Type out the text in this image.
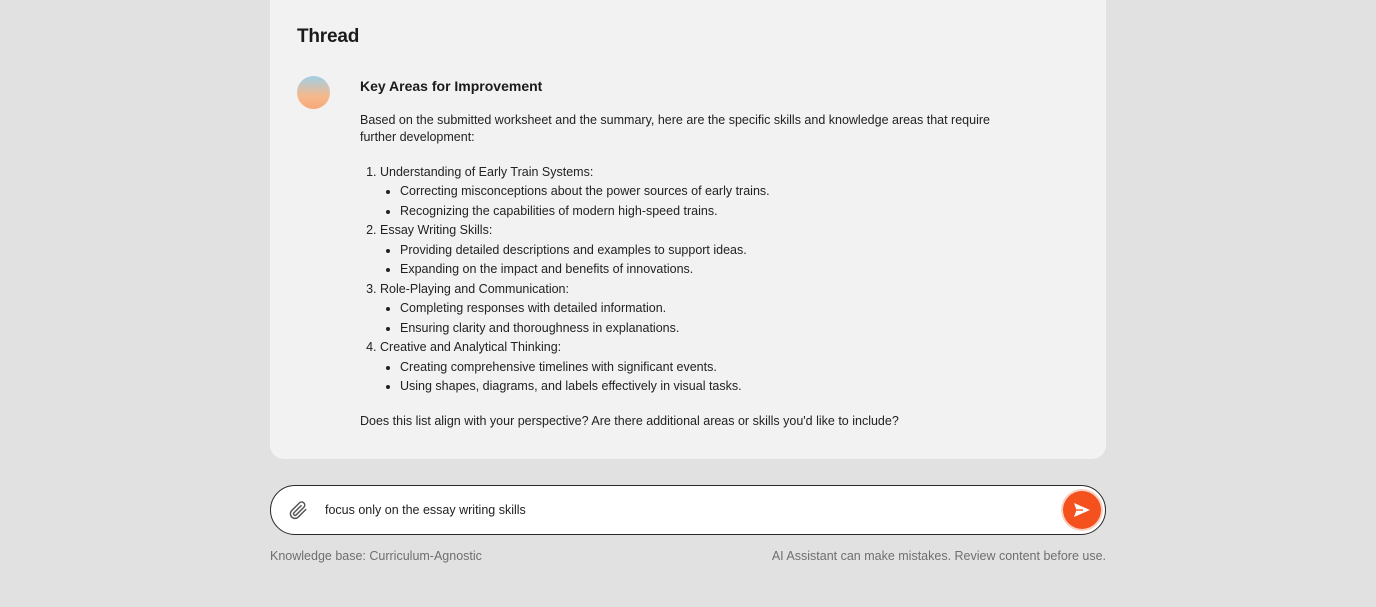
Thread
Key Areas for Improvement

Based on the submitted worksheet and the summary, here are the specific skills and knowledge areas that require further development:

1. Understanding of Early Train Systems:
• Correcting misconceptions about the power sources of early trains.
• Recognizing the capabilities of modern high-speed trains.
2. Essay Writing Skills:
• Providing detailed descriptions and examples to support ideas.
• Expanding on the impact and benefits of innovations.
3. Role-Playing and Communication:
• Completing responses with detailed information.
• Ensuring clarity and thoroughness in explanations.
4. Creative and Analytical Thinking:
• Creating comprehensive timelines with significant events.
• Using shapes, diagrams, and labels effectively in visual tasks.

Does this list align with your perspective? Are there additional areas or skills you'd like to include?

focus only on the essay writing skills
Knowledge base: Curriculum-Agnostic	AI Assistant can make mistakes. Review content before use.
